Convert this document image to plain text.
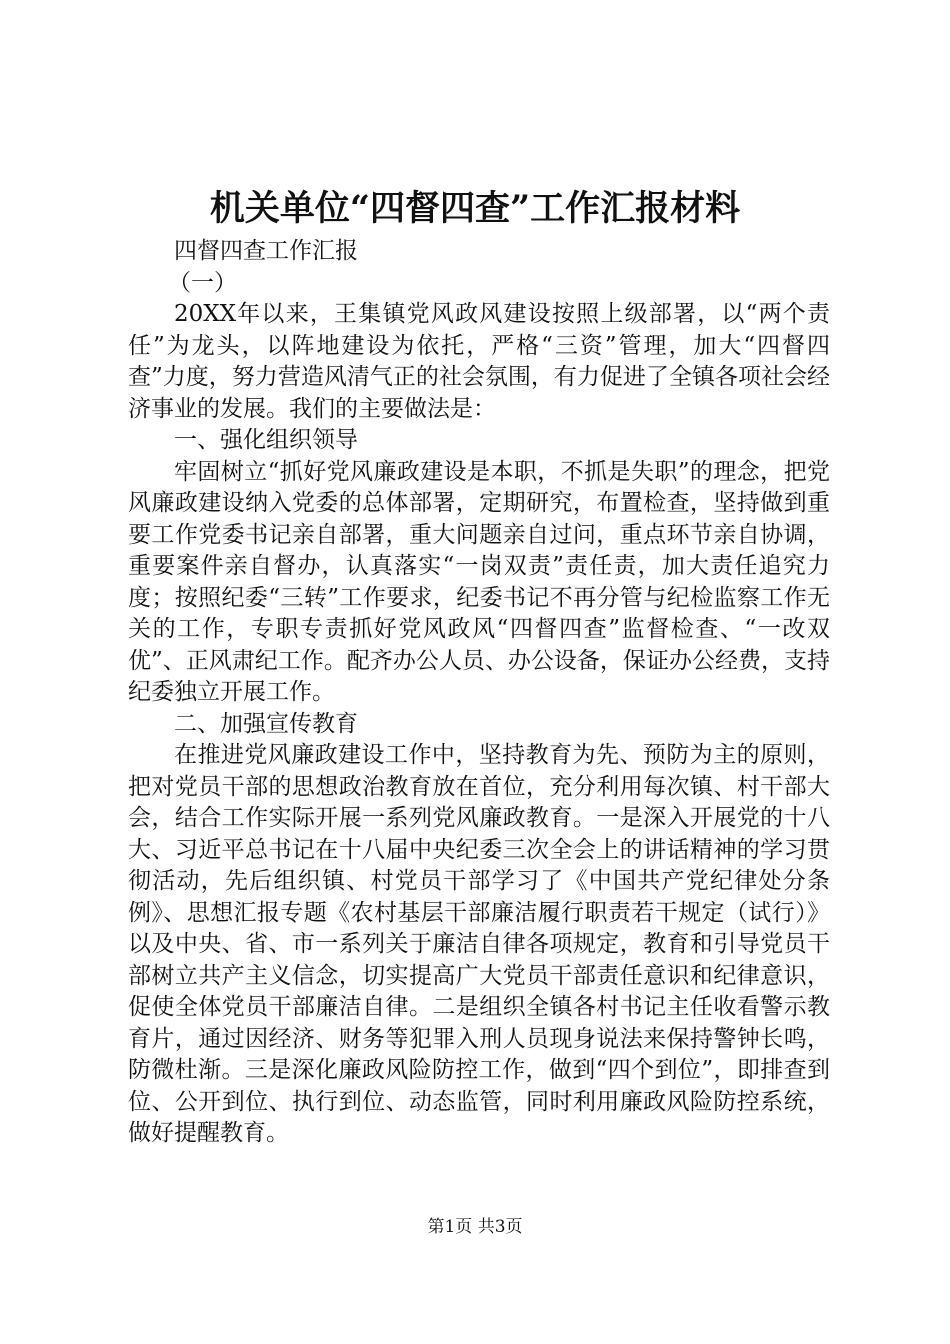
机关单位“四督四查”工作汇报材料

四督四查工作汇报

（一）

20XX年以来，王集镇党风政风建设按照上级部署，以“两个责任”为龙头，以阵地建设为依托，严格“三资”管理，加大“四督四查”力度，努力营造风清气正的社会氛围，有力促进了全镇各项社会经济事业的发展。我们的主要做法是：

一、强化组织领导

牢固树立“抓好党风廉政建设是本职，不抓是失职”的理念，把党风廉政建设纳入党委的总体部署，定期研究，布置检查，坚持做到重要工作党委书记亲自部署，重大问题亲自过问，重点环节亲自协调，重要案件亲自督办，认真落实“一岗双责”责任责，加大责任追究力度；按照纪委“三转”工作要求，纪委书记不再分管与纪检监察工作无关的工作，专职专责抓好党风政风“四督四查”监督检查、“一改双优”、正风肃纪工作。配齐办公人员、办公设备，保证办公经费，支持纪委独立开展工作。

二、加强宣传教育

在推进党风廉政建设工作中，坚持教育为先、预防为主的原则，把对党员干部的思想政治教育放在首位，充分利用每次镇、村干部大会，结合工作实际开展一系列党风廉政教育。一是深入开展党的十八大、习近平总书记在十八届中央纪委三次全会上的讲话精神的学习贯彻活动，先后组织镇、村党员干部学习了《中国共产党纪律处分条例》、思想汇报专题《农村基层干部廉洁履行职责若干规定（试行）》以及中央、省、市一系列关于廉洁自律各项规定，教育和引导党员干部树立共产主义信念，切实提高广大党员干部责任意识和纪律意识，促使全体党员干部廉洁自律。二是组织全镇各村书记主任收看警示教育片，通过因经济、财务等犯罪入刑人员现身说法来保持警钟长鸣，防微杜渐。三是深化廉政风险防控工作，做到“四个到位”，即排查到位、公开到位、执行到位、动态监管，同时利用廉政风险防控系统，做好提醒教育。

第1页 共3页
